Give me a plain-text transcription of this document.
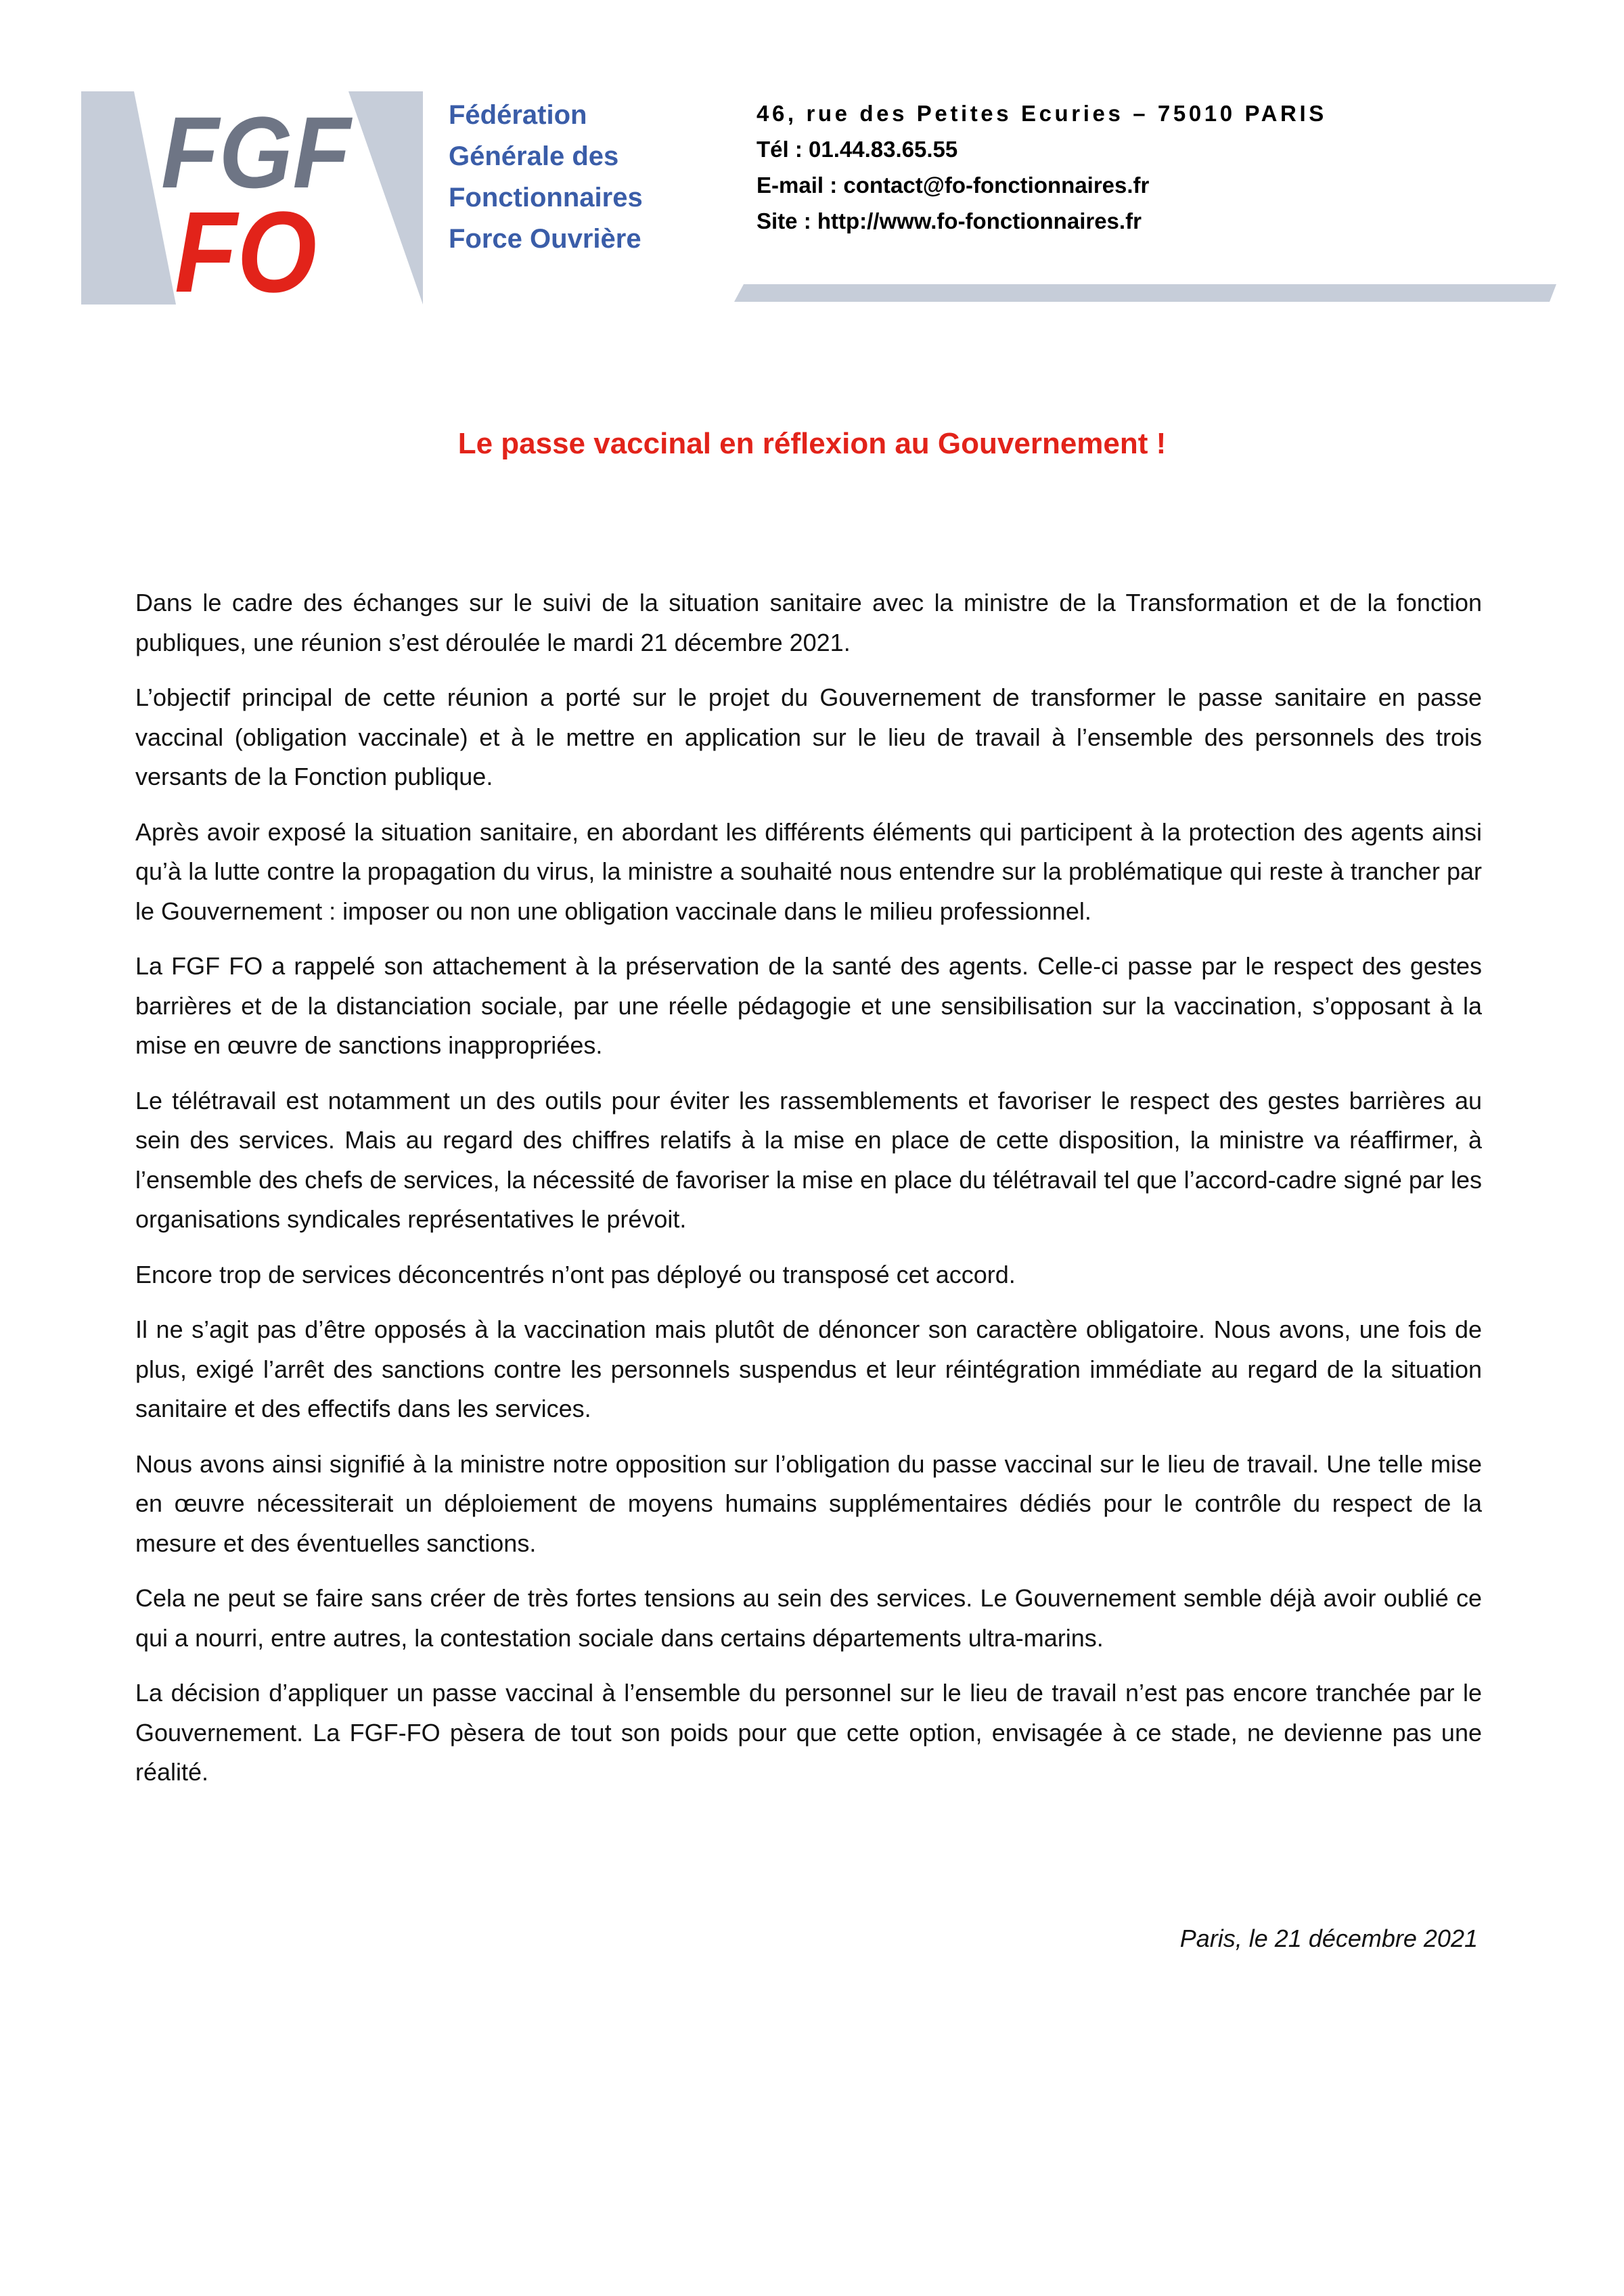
FGF
FO
Fédération
Générale des
Fonctionnaires
Force Ouvrière
46, rue des Petites Ecuries – 75010 PARIS
Tél : 01.44.83.65.55
E-mail : contact@fo-fonctionnaires.fr
Site : http://www.fo-fonctionnaires.fr
Le passe vaccinal en réflexion au Gouvernement !

Dans le cadre des échanges sur le suivi de la situation sanitaire avec la ministre de la Transformation et de la fonction publiques, une réunion s’est déroulée le mardi 21 décembre 2021.

L’objectif principal de cette réunion a porté sur le projet du Gouvernement de transformer le passe sanitaire en passe vaccinal (obligation vaccinale) et à le mettre en application sur le lieu de travail à l’ensemble des personnels des trois versants de la Fonction publique.

Après avoir exposé la situation sanitaire, en abordant les différents éléments qui participent à la protection des agents ainsi qu’à la lutte contre la propagation du virus, la ministre a souhaité nous entendre sur la problématique qui reste à trancher par le Gouvernement : imposer ou non une obligation vaccinale dans le milieu professionnel.

La FGF FO a rappelé son attachement à la préservation de la santé des agents. Celle-ci passe par le respect des gestes barrières et de la distanciation sociale, par une réelle pédagogie et une sensibilisation sur la vaccination, s’opposant à la mise en œuvre de sanctions inappropriées.

Le télétravail est notamment un des outils pour éviter les rassemblements et favoriser le respect des gestes barrières au sein des services. Mais au regard des chiffres relatifs à la mise en place de cette disposition, la ministre va réaffirmer, à l’ensemble des chefs de services, la nécessité de favoriser la mise en place du télétravail tel que l’accord-cadre signé par les organisations syndicales représentatives le prévoit.

Encore trop de services déconcentrés n’ont pas déployé ou transposé cet accord.

Il ne s’agit pas d’être opposés à la vaccination mais plutôt de dénoncer son caractère obligatoire. Nous avons, une fois de plus, exigé l’arrêt des sanctions contre les personnels suspendus et leur réintégration immédiate au regard de la situation sanitaire et des effectifs dans les services.

Nous avons ainsi signifié à la ministre notre opposition sur l’obligation du passe vaccinal sur le lieu de travail. Une telle mise en œuvre nécessiterait un déploiement de moyens humains supplémentaires dédiés pour le contrôle du respect de la mesure et des éventuelles sanctions.

Cela ne peut se faire sans créer de très fortes tensions au sein des services. Le Gouvernement semble déjà avoir oublié ce qui a nourri, entre autres, la contestation sociale dans certains départements ultra-marins.

La décision d’appliquer un passe vaccinal à l’ensemble du personnel sur le lieu de travail n’est pas encore tranchée par le Gouvernement. La FGF-FO pèsera de tout son poids pour que cette option, envisagée à ce stade, ne devienne pas une réalité.

Paris, le 21 décembre 2021
